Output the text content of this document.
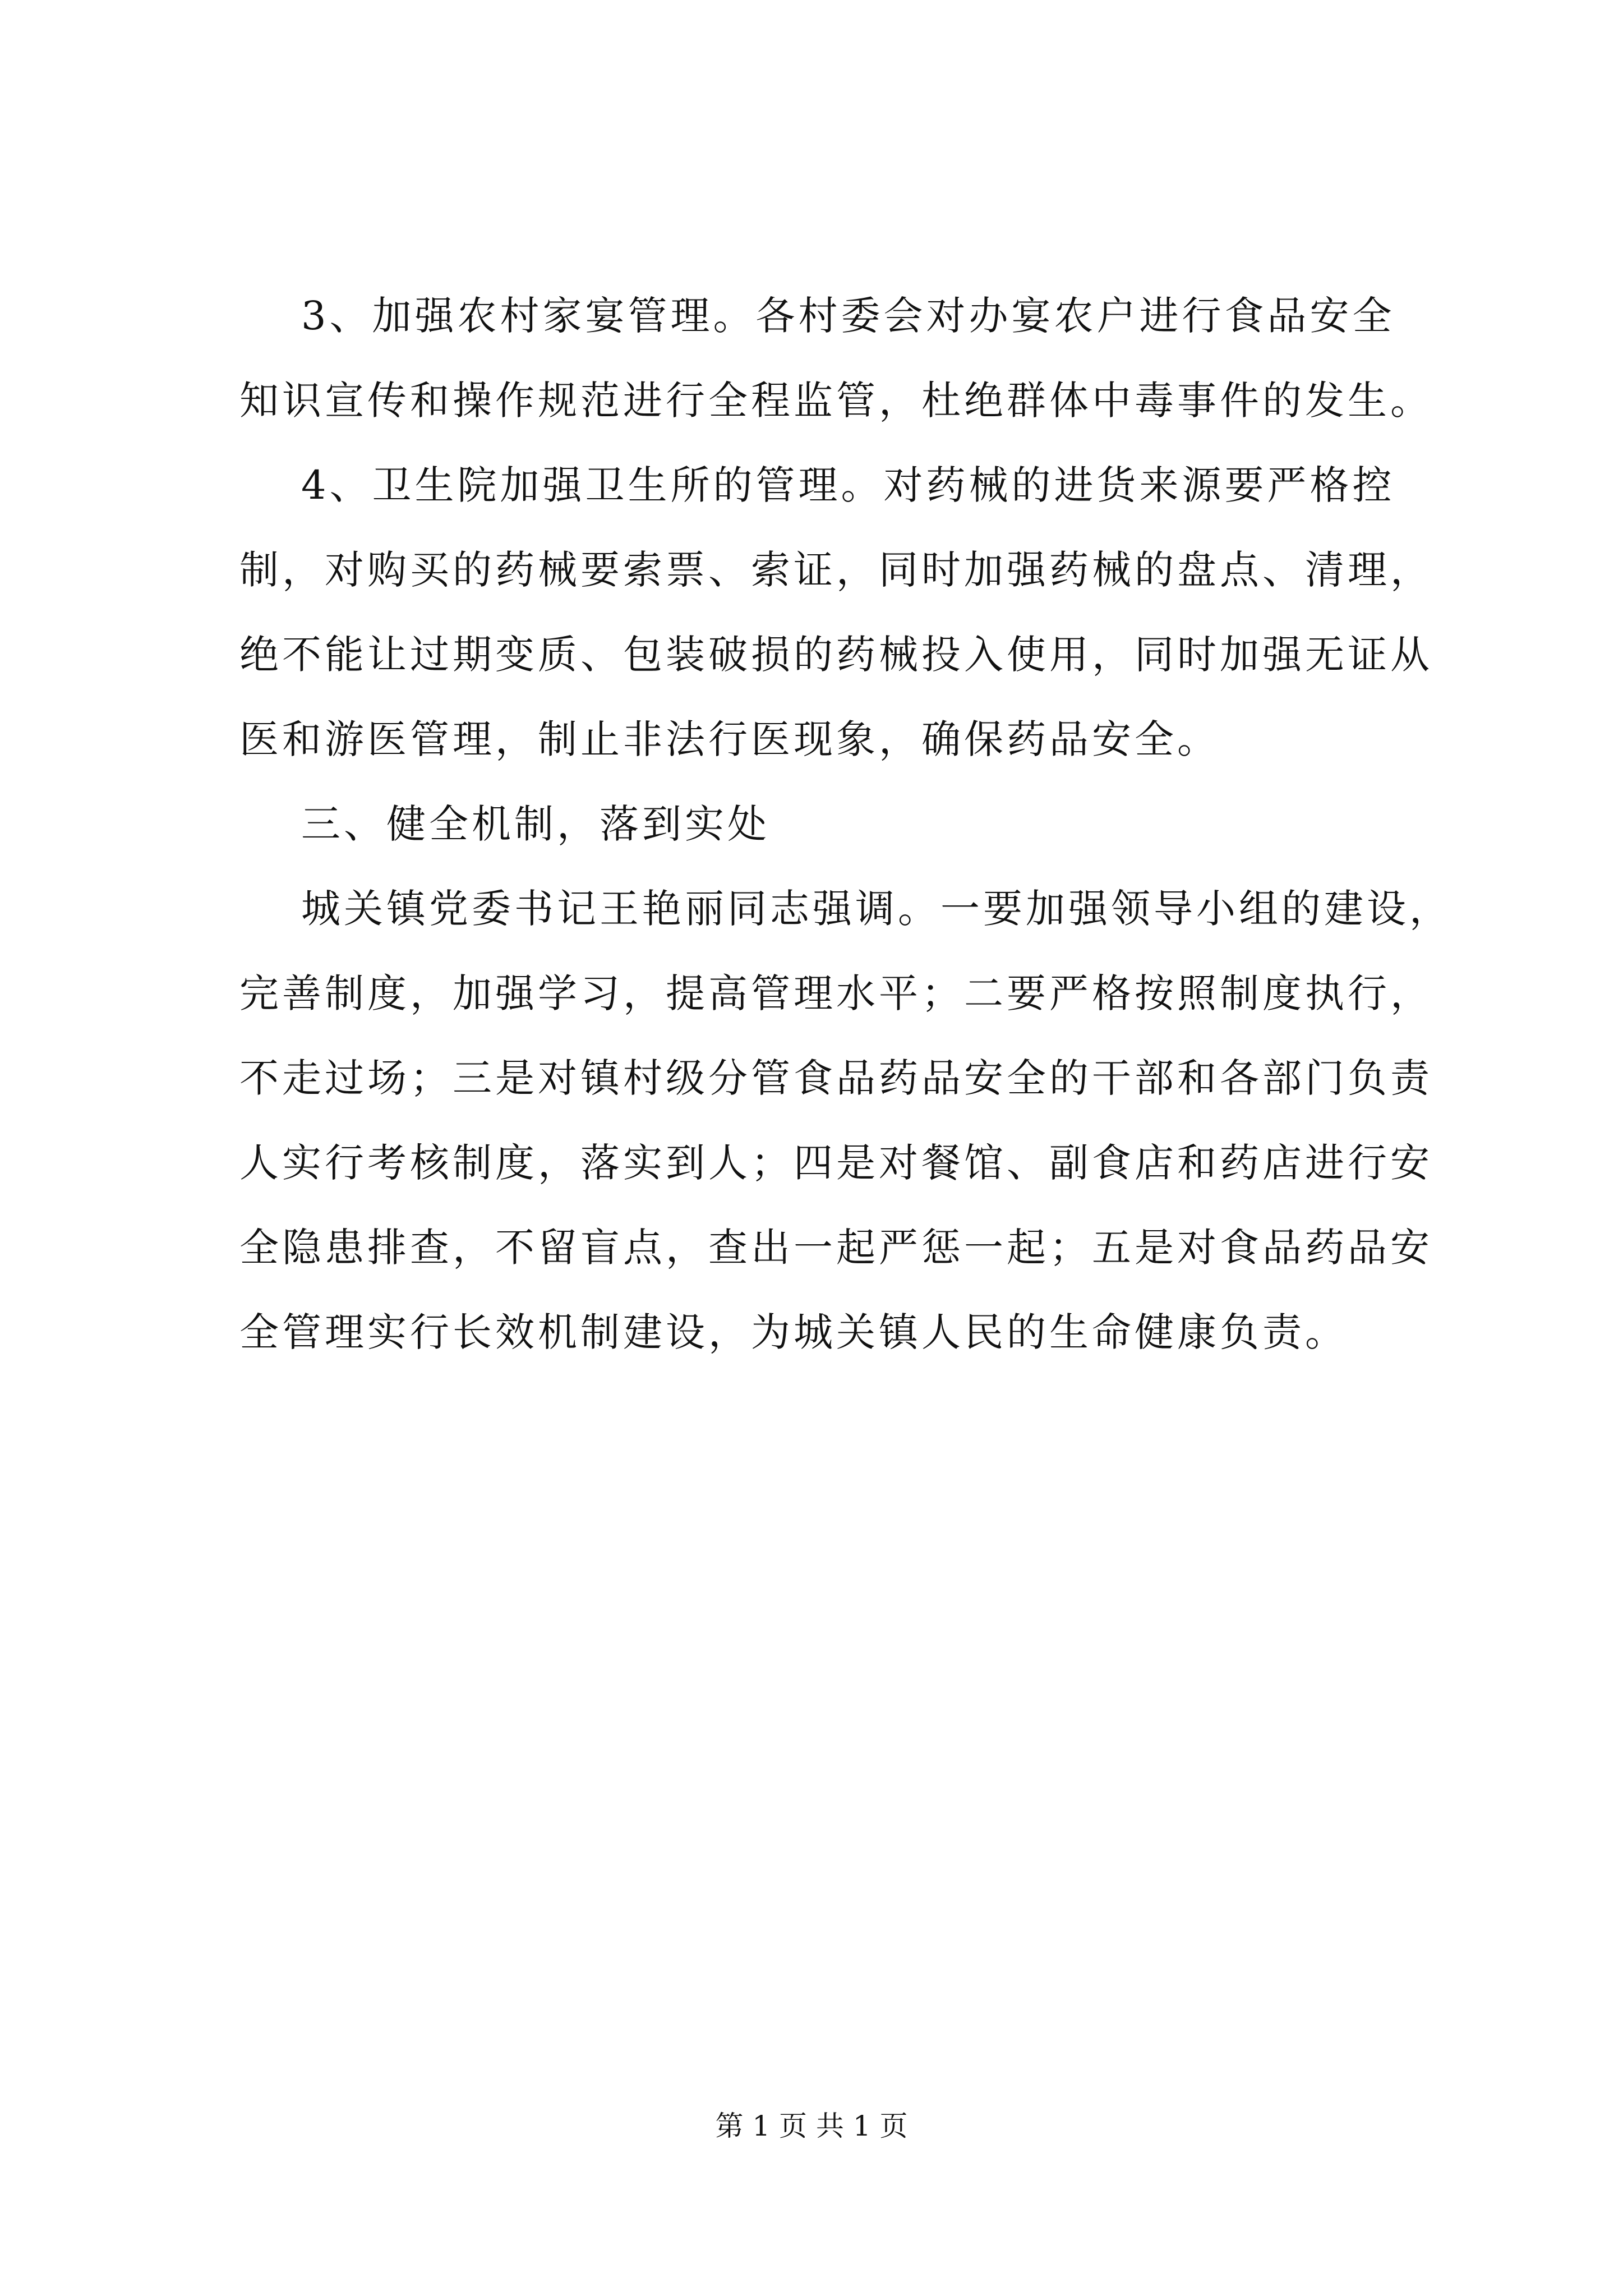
3、加强农村家宴管理。各村委会对办宴农户进行食品安全
知识宣传和操作规范进行全程监管，杜绝群体中毒事件的发生。
4、卫生院加强卫生所的管理。对药械的进货来源要严格控
制，对购买的药械要索票、索证，同时加强药械的盘点、清理，
绝不能让过期变质、包装破损的药械投入使用，同时加强无证从
医和游医管理，制止非法行医现象，确保药品安全。
三、健全机制，落到实处
城关镇党委书记王艳丽同志强调。一要加强领导小组的建设，
完善制度，加强学习，提高管理水平；二要严格按照制度执行，
不走过场；三是对镇村级分管食品药品安全的干部和各部门负责
人实行考核制度，落实到人；四是对餐馆、副食店和药店进行安
全隐患排查，不留盲点，查出一起严惩一起；五是对食品药品安
全管理实行长效机制建设，为城关镇人民的生命健康负责。
第 1 页 共 1 页
